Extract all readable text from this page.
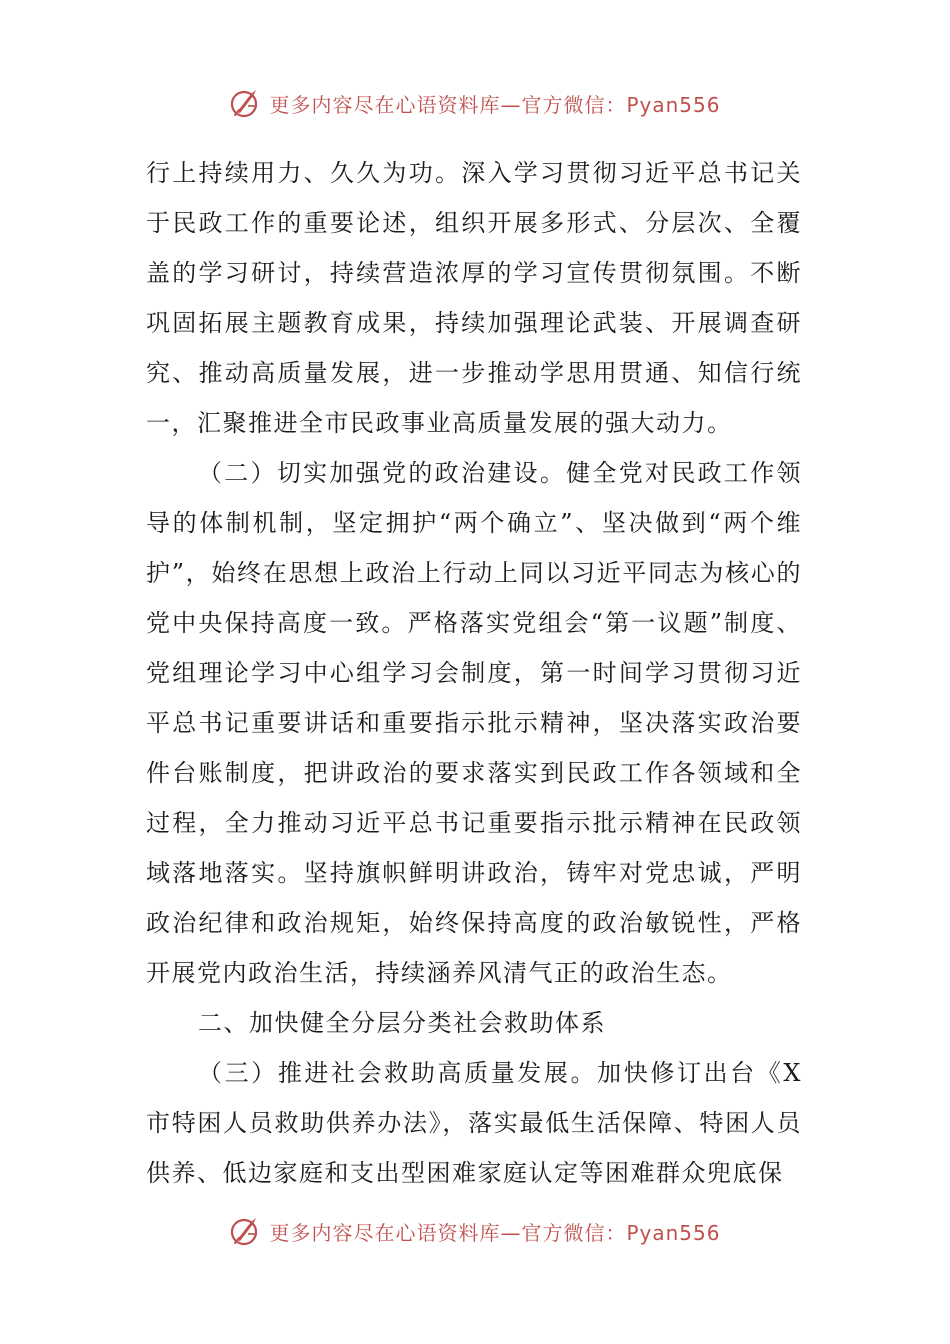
更多内容尽在心语资料库—官方微信：Pyan556

行上持续用力、久久为功。深入学习贯彻习近平总书记关于民政工作的重要论述，组织开展多形式、分层次、全覆盖的学习研讨，持续营造浓厚的学习宣传贯彻氛围。不断巩固拓展主题教育成果，持续加强理论武装、开展调查研究、推动高质量发展，进一步推动学思用贯通、知信行统一，汇聚推进全市民政事业高质量发展的强大动力。

（二）切实加强党的政治建设。健全党对民政工作领导的体制机制，坚定拥护“两个确立”、坚决做到“两个维护”，始终在思想上政治上行动上同以习近平同志为核心的党中央保持高度一致。严格落实党组会“第一议题”制度、党组理论学习中心组学习会制度，第一时间学习贯彻习近平总书记重要讲话和重要指示批示精神，坚决落实政治要件台账制度，把讲政治的要求落实到民政工作各领域和全过程，全力推动习近平总书记重要指示批示精神在民政领域落地落实。坚持旗帜鲜明讲政治，铸牢对党忠诚，严明政治纪律和政治规矩，始终保持高度的政治敏锐性，严格开展党内政治生活，持续涵养风清气正的政治生态。

二、加快健全分层分类社会救助体系

（三）推进社会救助高质量发展。加快修订出台《X市特困人员救助供养办法》，落实最低生活保障、特困人员供养、低边家庭和支出型困难家庭认定等困难群众兜底保

更多内容尽在心语资料库—官方微信：Pyan556
